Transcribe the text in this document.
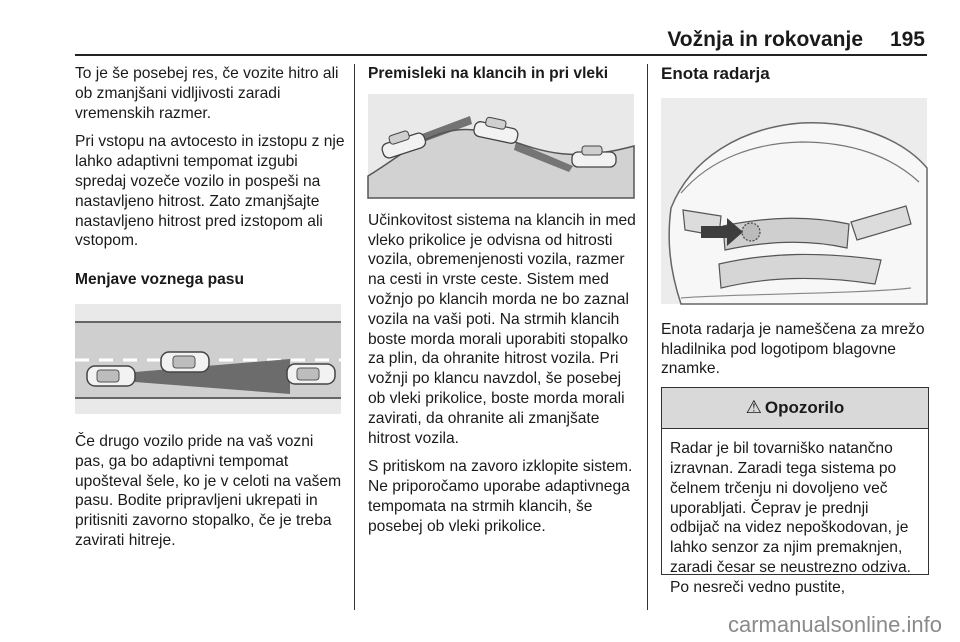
Vožnja in rokovanje 195

To je še posebej res, če vozite hitro ali ob zmanjšani vidljivosti zaradi vremenskih razmer.

Pri vstopu na avtocesto in izstopu z nje lahko adaptivni tempomat izgubi spredaj vozeče vozilo in pospeši na nastavljeno hitrost. Zato zmanjšajte nastavljeno hitrost pred izstopom ali vstopom.

Menjave voznega pasu

Če drugo vozilo pride na vaš vozni pas, ga bo adaptivni tempomat upošteval šele, ko je v celoti na vašem pasu. Bodite pripravljeni ukrepati in pritisniti zavorno stopalko, če je treba zavirati hitreje.

Premisleki na klancih in pri vleki

Učinkovitost sistema na klancih in med vleko prikolice je odvisna od hitrosti vozila, obremenjenosti vozila, razmer na cesti in vrste ceste. Sistem med vožnjo po klancih morda ne bo zaznal vozila na vaši poti. Na strmih klancih boste morda morali uporabiti stopalko za plin, da ohranite hitrost vozila. Pri vožnji po klancu navzdol, še posebej ob vleki prikolice, boste morda morali zavirati, da ohranite ali zmanjšate hitrost vozila.

S pritiskom na zavoro izklopite sistem. Ne priporočamo uporabe adaptivnega tempomata na strmih klancih, še posebej ob vleki prikolice.

Enota radarja

Enota radarja je nameščena za mrežo hladilnika pod logotipom blagovne znamke.

⚠ Opozorilo

Radar je bil tovarniško natančno izravnan. Zaradi tega sistema po čelnem trčenju ni dovoljeno več uporabljati. Čeprav je prednji odbijač na videz nepoškodovan, je lahko senzor za njim premaknjen, zaradi česar se neustrezno odziva. Po nesreči vedno pustite,

carmanualsonline.info
